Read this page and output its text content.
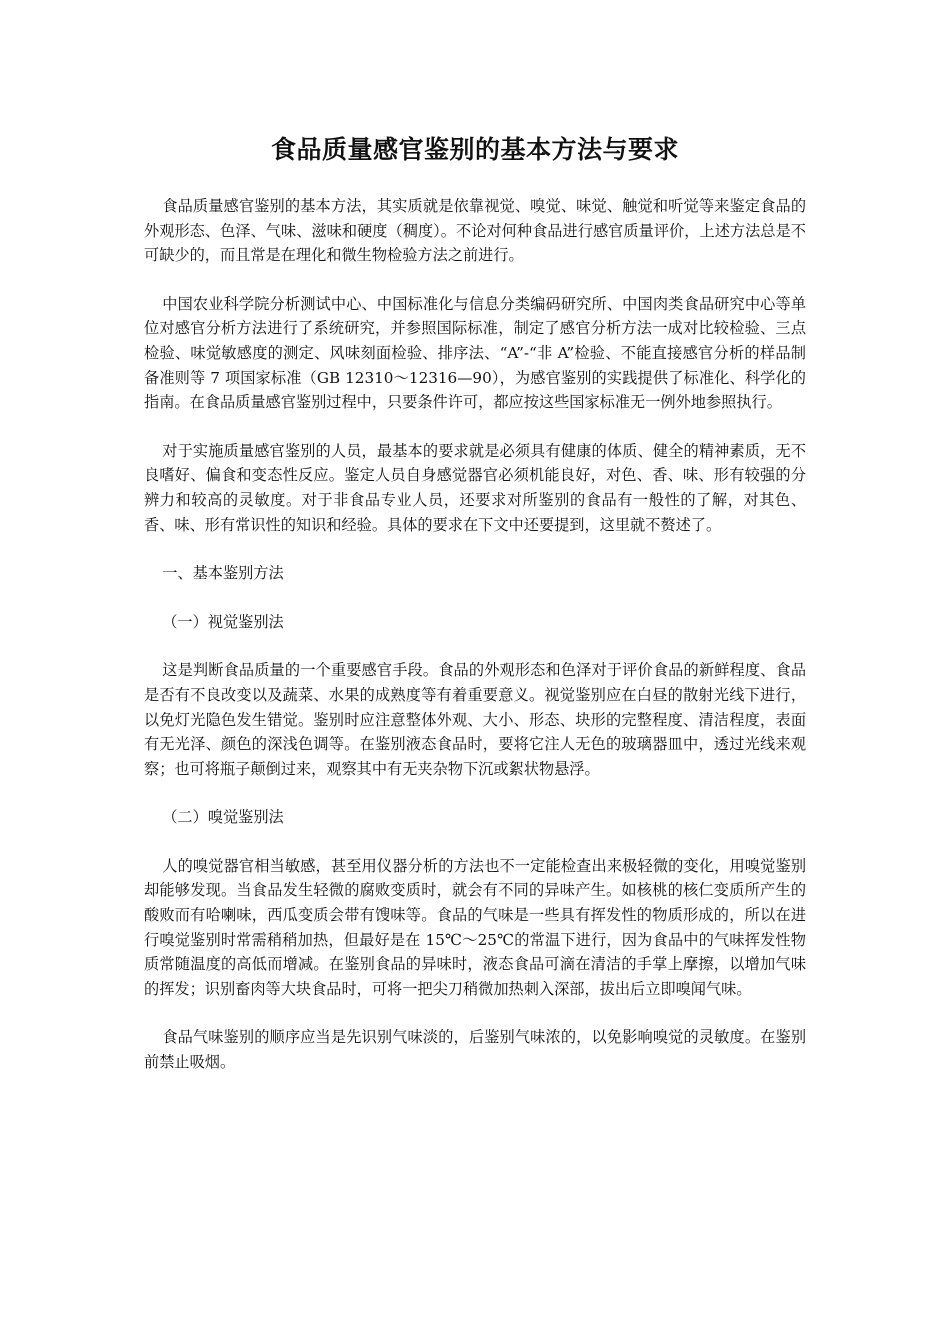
食品质量感官鉴别的基本方法与要求

食品质量感官鉴别的基本方法，其实质就是依靠视觉、嗅觉、味觉、触觉和听觉等来鉴定食品的外观形态、色泽、气味、滋味和硬度（稠度）。不论对何种食品进行感官质量评价，上述方法总是不可缺少的，而且常是在理化和微生物检验方法之前进行。

中国农业科学院分析测试中心、中国标准化与信息分类编码研究所、中国肉类食品研究中心等单位对感官分析方法进行了系统研究，并参照国际标准，制定了感官分析方法一成对比较检验、三点检验、味觉敏感度的测定、风味刻面检验、排序法、“A”-“非 A”检验、不能直接感官分析的样品制备准则等 7 项国家标准（GB 12310～12316—90），为感官鉴别的实践提供了标准化、科学化的指南。在食品质量感官鉴别过程中，只要条件许可，都应按这些国家标准无一例外地参照执行。

对于实施质量感官鉴别的人员，最基本的要求就是必须具有健康的体质、健全的精神素质，无不良嗜好、偏食和变态性反应。鉴定人员自身感觉器官必须机能良好，对色、香、味、形有较强的分辨力和较高的灵敏度。对于非食品专业人员，还要求对所鉴别的食品有一般性的了解，对其色、香、味、形有常识性的知识和经验。具体的要求在下文中还要提到，这里就不赘述了。

一、基本鉴别方法

（一）视觉鉴别法

这是判断食品质量的一个重要感官手段。食品的外观形态和色泽对于评价食品的新鲜程度、食品是否有不良改变以及蔬菜、水果的成熟度等有着重要意义。视觉鉴别应在白昼的散射光线下进行，以免灯光隐色发生错觉。鉴别时应注意整体外观、大小、形态、块形的完整程度、清洁程度，表面有无光泽、颜色的深浅色调等。在鉴别液态食品时，要将它注人无色的玻璃器皿中，透过光线来观察；也可将瓶子颠倒过来，观察其中有无夹杂物下沉或絮状物悬浮。

（二）嗅觉鉴别法

人的嗅觉器官相当敏感，甚至用仪器分析的方法也不一定能检查出来极轻微的变化，用嗅觉鉴别却能够发现。当食品发生轻微的腐败变质时，就会有不同的异味产生。如核桃的核仁变质所产生的酸败而有哈喇味，西瓜变质会带有馊味等。食品的气味是一些具有挥发性的物质形成的，所以在进行嗅觉鉴别时常需稍稍加热，但最好是在 15℃～25℃的常温下进行，因为食品中的气味挥发性物质常随温度的高低而增减。在鉴别食品的异味时，液态食品可滴在清洁的手掌上摩擦，以增加气味的挥发；识别畜肉等大块食品时，可将一把尖刀稍微加热刺入深部，拔出后立即嗅闻气味。

食品气味鉴别的顺序应当是先识别气味淡的，后鉴别气味浓的，以免影响嗅觉的灵敏度。在鉴别前禁止吸烟。
